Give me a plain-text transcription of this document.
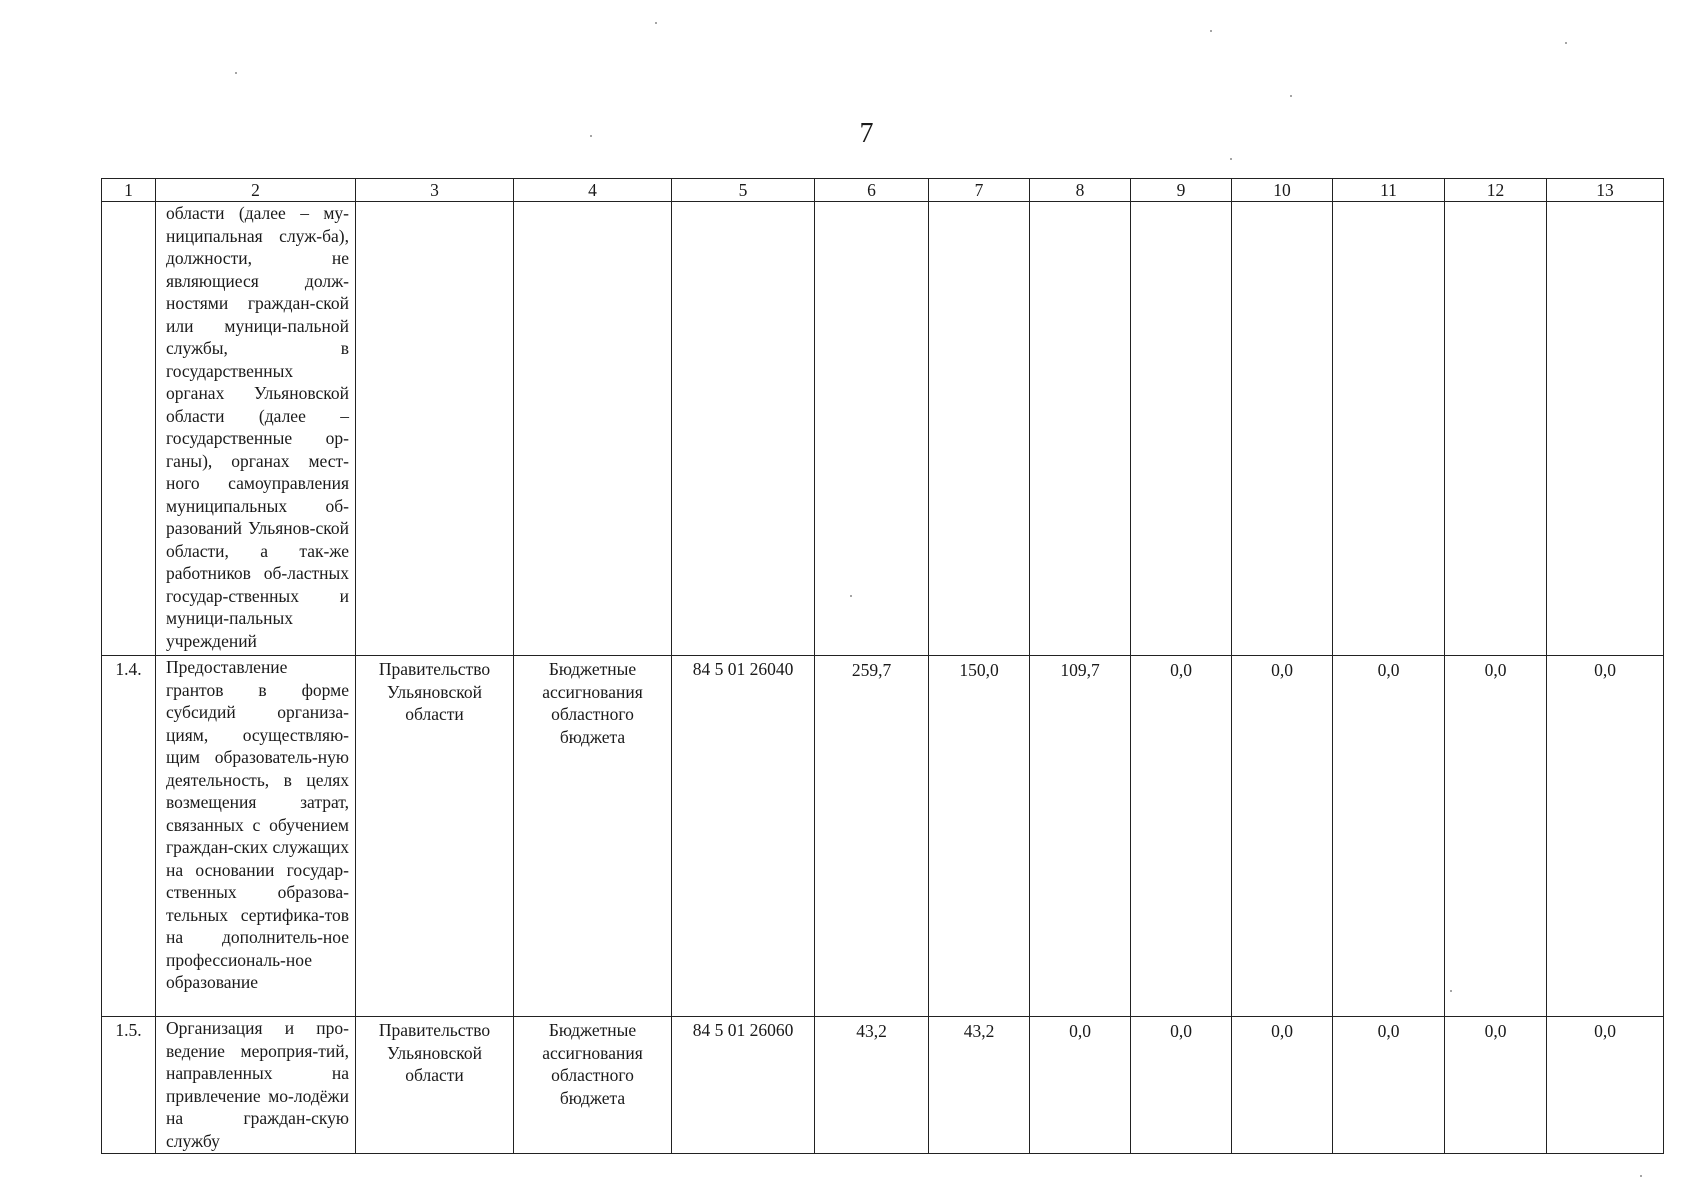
7
1	2	3	4	5	6	7	8	9	10	11	12	13
	области (далее – му-ниципальная служ-ба), должности, не являющиеся долж-ностями граждан-ской или муници-пальной службы, в государственных органах Ульяновской области (далее – государственные ор-ганы), органах мест-ного самоуправления муниципальных об-разований Ульянов-ской области, а так-же работников об-ластных государ-ственных и муници-пальных учреждений											
1.4.	Предоставление грантов в форме субсидий организа-циям, осуществляю-щим образователь-ную деятельность, в целях возмещения затрат, связанных с обучением граждан-ских служащих на основании государ-ственных образова-тельных сертифика-тов на дополнитель-ное профессиональ-ное образование	Правительство Ульяновской области	Бюджетные ассигнования областного бюджета	84 5 01 26040	259,7	150,0	109,7	0,0	0,0	0,0	0,0	0,0
1.5.	Организация и про-ведение мероприя-тий, направленных на привлечение мо-лодёжи на граждан-скую службу	Правительство Ульяновской области	Бюджетные ассигнования областного бюджета	84 5 01 26060	43,2	43,2	0,0	0,0	0,0	0,0	0,0	0,0
